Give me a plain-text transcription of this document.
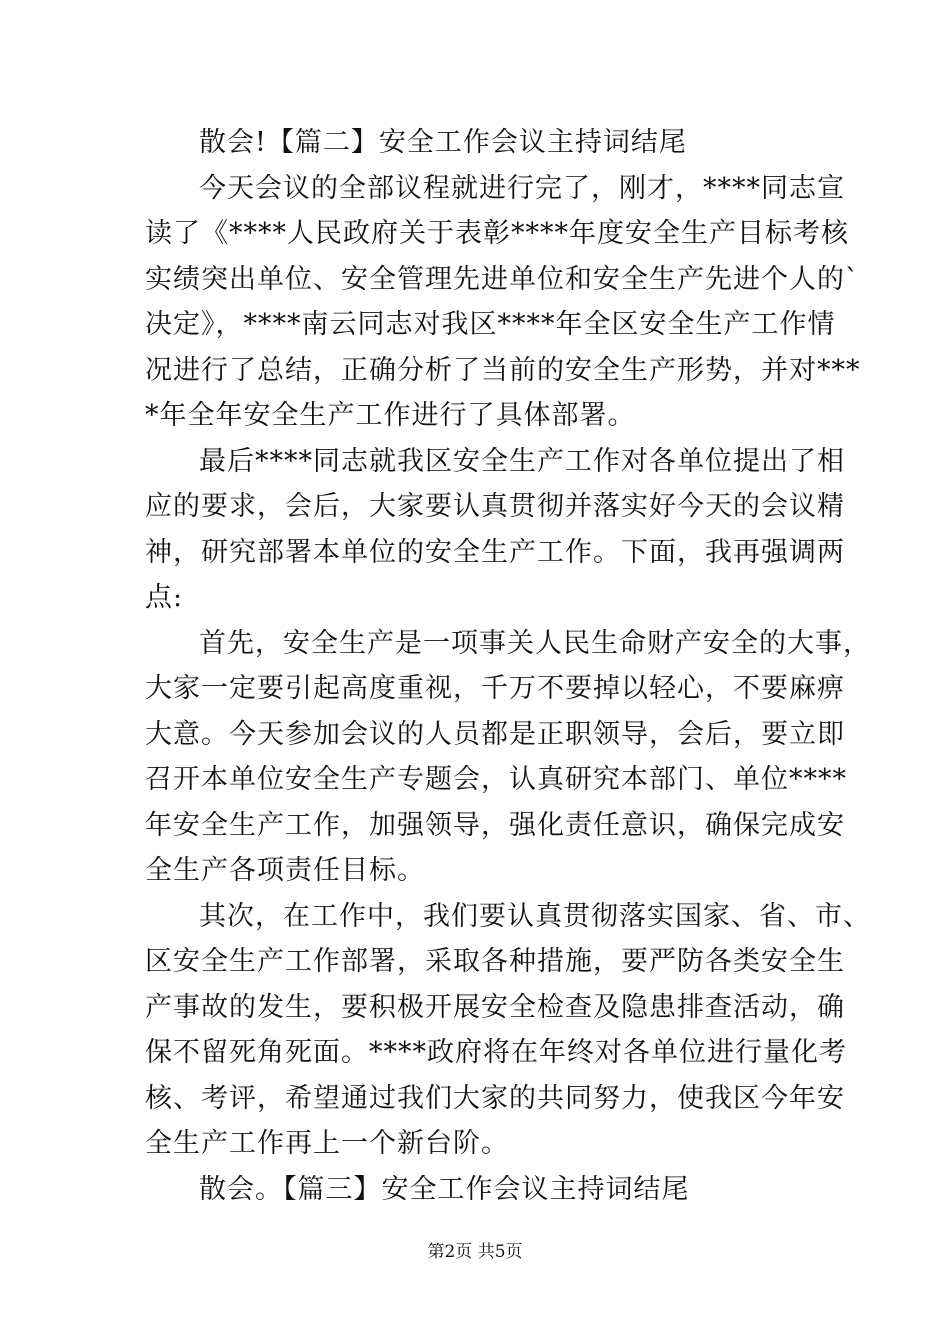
散会!【篇二】安全工作会议主持词结尾
今天会议的全部议程就进行完了，刚才，****同志宣
读了《****人民政府关于表彰****年度安全生产目标考核
实绩突出单位、安全管理先进单位和安全生产先进个人的`
决定》，****南云同志对我区****年全区安全生产工作情
况进行了总结，正确分析了当前的安全生产形势，并对***
*年全年安全生产工作进行了具体部署。
最后****同志就我区安全生产工作对各单位提出了相
应的要求，会后，大家要认真贯彻并落实好今天的会议精
神，研究部署本单位的安全生产工作。下面，我再强调两
点:
首先，安全生产是一项事关人民生命财产安全的大事，
大家一定要引起高度重视，千万不要掉以轻心，不要麻痹
大意。今天参加会议的人员都是正职领导，会后，要立即
召开本单位安全生产专题会，认真研究本部门、单位****
年安全生产工作，加强领导，强化责任意识，确保完成安
全生产各项责任目标。
其次，在工作中，我们要认真贯彻落实国家、省、市、
区安全生产工作部署，采取各种措施，要严防各类安全生
产事故的发生，要积极开展安全检查及隐患排查活动，确
保不留死角死面。****政府将在年终对各单位进行量化考
核、考评，希望通过我们大家的共同努力，使我区今年安
全生产工作再上一个新台阶。
散会。【篇三】安全工作会议主持词结尾
第2页 共5页
